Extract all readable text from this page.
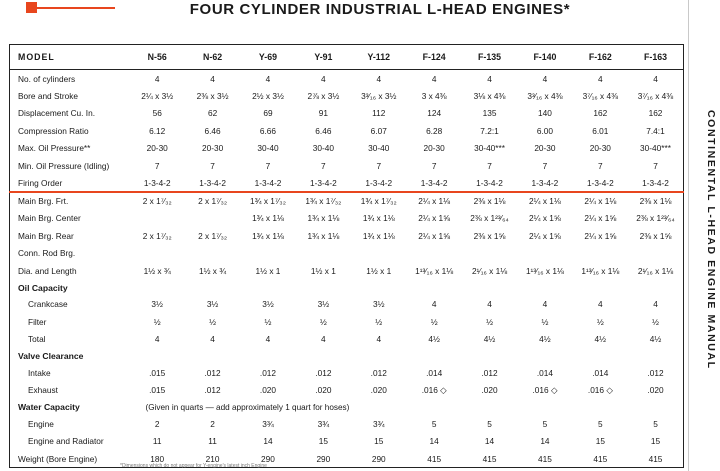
FOUR CYLINDER INDUSTRIAL L-HEAD ENGINES*
CONTINENTAL L-HEAD ENGINE MANUAL
MODEL	N-56	N-62	Y-69	Y-91	Y-112	F-124	F-135	F-140	F-162	F-163
No. of cylinders	4	4	4	4	4	4	4	4	4	4
Bore and Stroke	2¼ x 3½	2⅜ x 3½	2½ x 3½	2⅞ x 3½	3³⁄₁₆ x 3½	3 x 4⅜	3⅛ x 4⅜	3³⁄₁₆ x 4⅜	3⁷⁄₁₆ x 4⅜	3⁷⁄₁₆ x 4⅜
Displacement Cu. In.	56	62	69	91	112	124	135	140	162	162
Compression Ratio	6.12	6.46	6.66	6.46	6.07	6.28	7.2:1	6.00	6.01	7.4:1
Max. Oil Pressure**	20-30	20-30	30-40	30-40	30-40	20-30	30-40***	20-30	20-30	30-40***
Min. Oil Pressure (Idling)	7	7	7	7	7	7	7	7	7	7
Firing Order	1-3-4-2	1-3-4-2	1-3-4-2	1-3-4-2	1-3-4-2	1-3-4-2	1-3-4-2	1-3-4-2	1-3-4-2	1-3-4-2
Main Brg. Frt.	2 x 1⁷⁄₃₂	2 x 1⁷⁄₃₂	1¾ x 1⁷⁄₃₂	1¾ x 1⁷⁄₃₂	1¾ x 1⁷⁄₃₂	2¼ x 1⅛	2⅜ x 1⅛	2¼ x 1⅛	2¼ x 1⅛	2⅜ x 1⅛
Main Brg. Center			1¾ x 1⅛	1¾ x 1⅛	1¾ x 1⅛	2¼ x 1⅝	2⅜ x 1²³⁄₆₄	2¼ x 1⅝	2¼ x 1⅝	2⅜ x 1²³⁄₆₄
Main Brg. Rear	2 x 1⁷⁄₃₂	2 x 1⁷⁄₃₂	1¾ x 1⅛	1¾ x 1⅛	1¾ x 1⅛	2¼ x 1⅝	2⅜ x 1⅝	2¼ x 1⅝	2¼ x 1⅝	2⅜ x 1⅝
Conn. Rod Brg.										
Dia. and Length	1½ x ¾	1½ x ¾	1½ x 1	1½ x 1	1½ x 1	1¹³⁄₁₆ x 1⅛	2¹⁄₁₆ x 1⅛	1¹³⁄₁₆ x 1⅛	1¹³⁄₁₆ x 1⅛	2¹⁄₁₆ x 1⅛
Oil Capacity										
Crankcase	3½	3½	3½	3½	3½	4	4	4	4	4
Filter	½	½	½	½	½	½	½	½	½	½
Total	4	4	4	4	4	4½	4½	4½	4½	4½
Valve Clearance										
Intake	.015	.012	.012	.012	.012	.014	.012	.014	.014	.012
Exhaust	.015	.012	.020	.020	.020	.016 ◇	.020	.016 ◇	.016 ◇	.020
Water Capacity	(Given in quarts — add approximately 1 quart for hoses)									
Engine	2	2	3¾	3¾	3¾	5	5	5	5	5
Engine and Radiator	11	11	14	15	15	14	14	14	15	15
Weight (Bore Engine)	180	210	290	290	290	415	415	415	415	415
*Dimensions which do not appear for Y-engine's latest inch Engine
